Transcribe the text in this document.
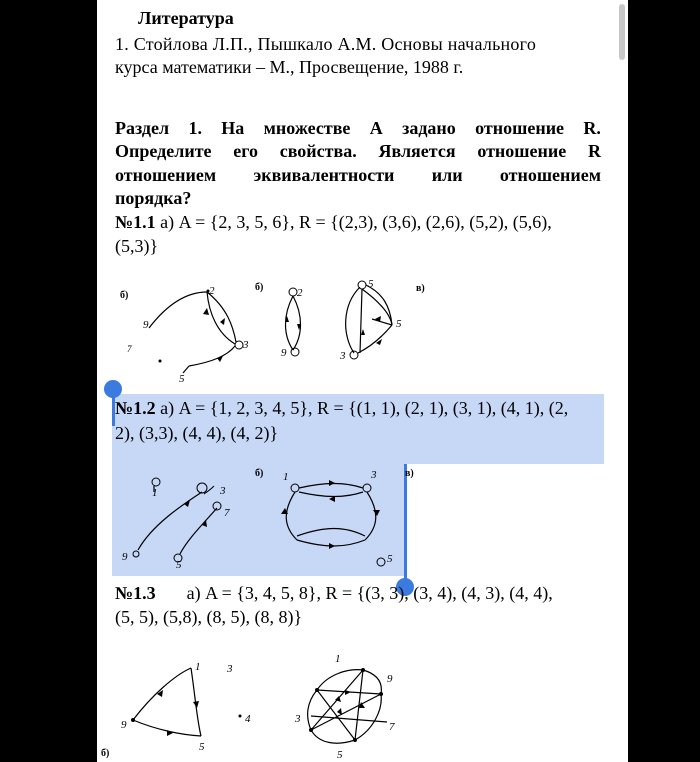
Литература
1. Стойлова Л.П., Пышкало А.М. Основы начального
курса математики – М., Просвещение, 1988 г.
Раздел 1. На множестве А задано отношение R.
Определите его свойства. Является отношение R
отношением эквивалентности или отношением
порядка?
№1.1 а) A = {2, 3, 5, 6}, R = {(2,3), (3,6), (2,6), (5,2), (5,6),
(5,3)}
б)	2
9
3
5
7
б)	2
9
в)
5
5
3
№1.2 а) A = {1, 2, 3, 4, 5}, R = {(1, 1), (2, 1), (3, 1), (4, 1), (2,
2), (3,3), (4, 4), (4, 2)}
1	3
7
9
5
б)	в)
1	3
5
№1.3 а) A = {3, 4, 5, 8}, R = {(3, 3), (3, 4), (4, 3), (4, 4),
(5, 5), (5,8), (8, 5), (8, 8)}
б)
1 3
9
5
4
1
9
3
7
5
